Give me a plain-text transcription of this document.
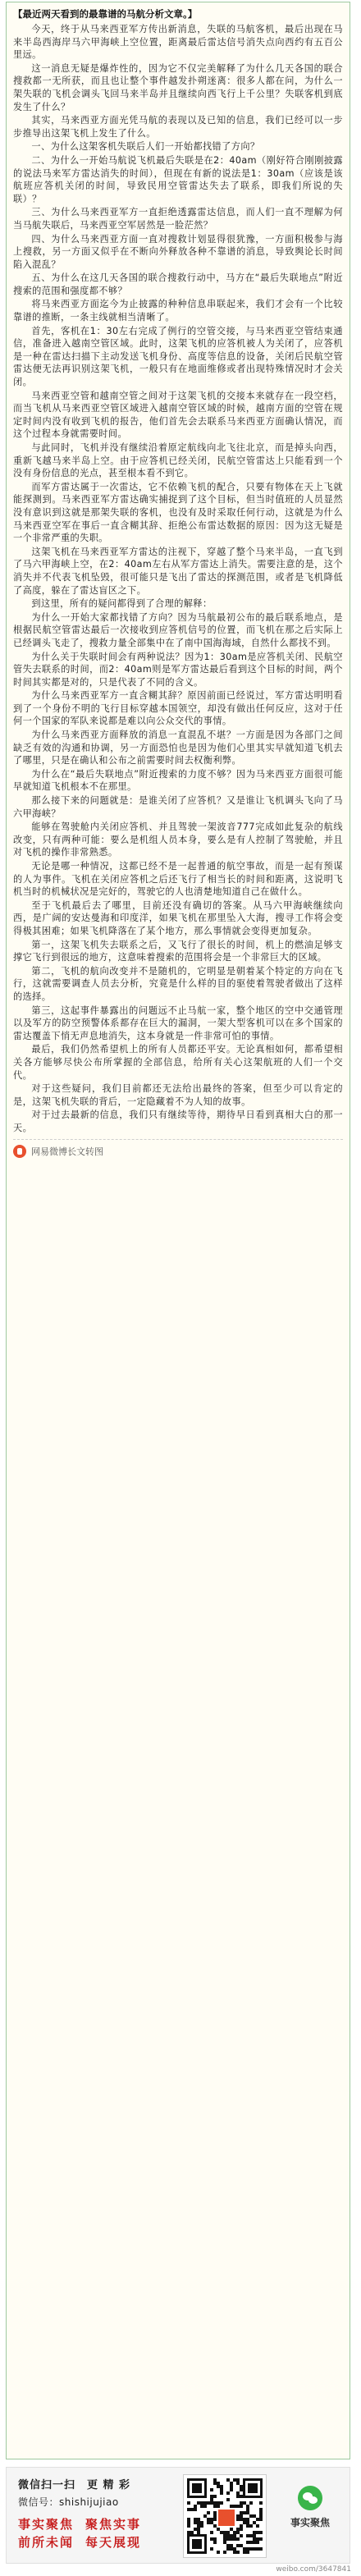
【最近两天看到的最靠谱的马航分析文章。】
今天，终于从马来西亚军方传出新消息，失联的马航客机，最后出现在马来半岛西海岸马六甲海峡上空位置，距离最后雷达信号消失点向西约有五百公里远。
这一消息无疑是爆炸性的，因为它不仅完美解释了为什么几天各国的联合搜救都一无所获，而且也让整个事件越发扑朔迷离：很多人都在问，为什么一架失联的飞机会调头飞回马来半岛并且继续向西飞行上千公里？失联客机到底发生了什么？
其实，马来西亚方面光凭马航的表现以及已知的信息，我们已经可以一步步推导出这架飞机上发生了什么。
一、为什么这架客机失联后人们一开始都找错了方向？
二、为什么一开始马航说飞机最后失联是在2：40am（刚好符合刚刚披露的说法马来军方雷达消失的时间），但现在有新的说法是1：30am（应该是该航班应答机关闭的时间，导致民用空管雷达失去了联系，即我们所说的失联）？
三、为什么马来西亚军方一直拒绝透露雷达信息，而人们一直不理解为何当马航失联后，马来西亚空军居然是一脸茫然？
四、为什么马来西亚方面一直对搜救计划显得很犹豫，一方面积极参与海上搜救，另一方面又似乎在不断向外释放各种不靠谱的消息，导致舆论长时间陷入混乱？
五、为什么在这几天各国的联合搜救行动中，马方在“最后失联地点”附近搜索的范围和强度都不够？
将马来西亚方面迄今为止披露的种种信息串联起来，我们才会有一个比较靠谱的推断，一条主线就相当清晰了。
首先，客机在1：30左右完成了例行的空管交接，与马来西亚空管结束通信，准备进入越南空管区域。此时，这架飞机的应答机被人为关闭了，应答机是一种在雷达扫描下主动发送飞机身份、高度等信息的设备，关闭后民航空管雷达便无法再识别这架飞机，一般只有在地面维修或者出现特殊情况时才会关闭。
马来西亚空管和越南空管之间对于这架飞机的交接本来就存在一段空档，而当飞机从马来西亚空管区域进入越南空管区域的时候，越南方面的空管在规定时间内没有收到飞机的报告，他们首先会去联系马来西亚方面确认情况，而这个过程本身就需要时间。
与此同时，飞机并没有继续沿着原定航线向北飞往北京，而是掉头向西，重新飞越马来半岛上空。由于应答机已经关闭，民航空管雷达上只能看到一个没有身份信息的光点，甚至根本看不到它。
而军方雷达属于一次雷达，它不依赖飞机的配合，只要有物体在天上飞就能探测到。马来西亚军方雷达确实捕捉到了这个目标，但当时值班的人员显然没有意识到这就是那架失联的客机，也没有及时采取任何行动，这就是为什么马来西亚空军在事后一直含糊其辞、拒绝公布雷达数据的原因：因为这无疑是一个非常严重的失职。
这架飞机在马来西亚军方雷达的注视下，穿越了整个马来半岛，一直飞到了马六甲海峡上空，在2：40am左右从军方雷达上消失。需要注意的是，这个消失并不代表飞机坠毁，很可能只是飞出了雷达的探测范围，或者是飞机降低了高度，躲在了雷达盲区之下。
到这里，所有的疑问都得到了合理的解释：
为什么一开始大家都找错了方向？因为马航最初公布的最后联系地点，是根据民航空管雷达最后一次接收到应答机信号的位置，而飞机在那之后实际上已经调头飞走了，搜救力量全部集中在了南中国海海域，自然什么都找不到。
为什么关于失联时间会有两种说法？因为1：30am是应答机关闭、民航空管失去联系的时间，而2：40am则是军方雷达最后看到这个目标的时间，两个时间其实都是对的，只是代表了不同的含义。
为什么马来西亚军方一直含糊其辞？原因前面已经说过，军方雷达明明看到了一个身份不明的飞行目标穿越本国领空，却没有做出任何反应，这对于任何一个国家的军队来说都是难以向公众交代的事情。
为什么马来西亚方面释放的消息一直混乱不堪？一方面是因为各部门之间缺乏有效的沟通和协调，另一方面恐怕也是因为他们心里其实早就知道飞机去了哪里，只是在确认和公布之前需要时间去权衡利弊。
为什么在“最后失联地点”附近搜索的力度不够？因为马来西亚方面很可能早就知道飞机根本不在那里。
那么接下来的问题就是：是谁关闭了应答机？又是谁让飞机调头飞向了马六甲海峡？
能够在驾驶舱内关闭应答机、并且驾驶一架波音777完成如此复杂的航线改变，只有两种可能：要么是机组人员本身，要么是有人控制了驾驶舱，并且对飞机的操作非常熟悉。
无论是哪一种情况，这都已经不是一起普通的航空事故，而是一起有预谋的人为事件。飞机在关闭应答机之后还飞行了相当长的时间和距离，这说明飞机当时的机械状况是完好的，驾驶它的人也清楚地知道自己在做什么。
至于飞机最后去了哪里，目前还没有确切的答案。从马六甲海峡继续向西，是广阔的安达曼海和印度洋，如果飞机在那里坠入大海，搜寻工作将会变得极其困难；如果飞机降落在了某个地方，那么事情就会变得更加复杂。
第一，这架飞机失去联系之后，又飞行了很长的时间，机上的燃油足够支撑它飞行到很远的地方，这意味着搜索的范围将会是一个非常巨大的区域。
第二，飞机的航向改变并不是随机的，它明显是朝着某个特定的方向在飞行，这就需要调查人员去分析，究竟是什么样的目的驱使着驾驶者做出了这样的选择。
第三，这起事件暴露出的问题远不止马航一家，整个地区的空中交通管理以及军方的防空预警体系都存在巨大的漏洞，一架大型客机可以在多个国家的雷达覆盖下悄无声息地消失，这本身就是一件非常可怕的事情。
最后，我们仍然希望机上的所有人员都还平安。无论真相如何，都希望相关各方能够尽快公布所掌握的全部信息，给所有关心这架航班的人们一个交代。
对于这些疑问，我们目前都还无法给出最终的答案，但至少可以肯定的是，这架飞机失联的背后，一定隐藏着不为人知的故事。
对于过去最新的信息，我们只有继续等待，期待早日看到真相大白的那一天。
网易微博长文转图
微信扫一扫　更 精 彩
微信号：shishijujiao
事实聚焦 聚焦实事
前所未闻 每天展现
事实聚焦
weibo.com/3647841
